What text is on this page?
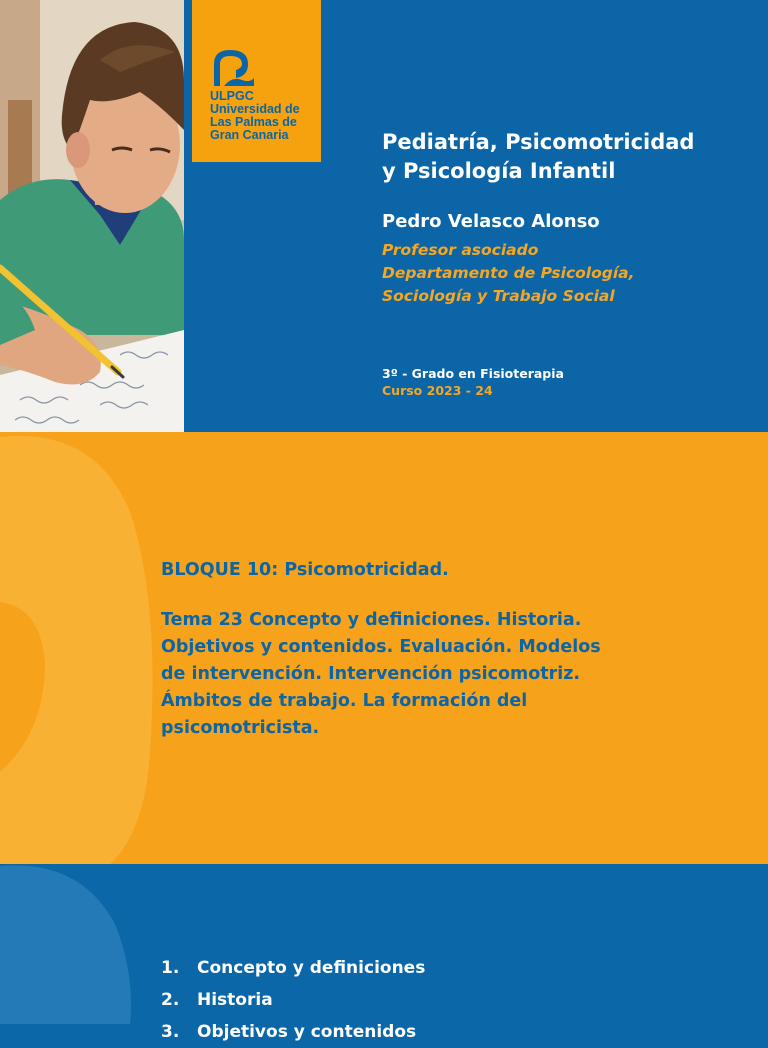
ULPGC
Universidad de
Las Palmas de
Gran Canaria	Pediatría, Psicomotricidad
y Psicología Infantil
Pedro Velasco Alonso
Profesor asociado
Departamento de Psicología,
Sociología y Trabajo Social
3º - Grado en Fisioterapia
Curso 2023 - 24
BLOQUE 10: Psicomotricidad.
Tema 23 Concepto y definiciones. Historia.
Objetivos y contenidos. Evaluación. Modelos
de intervención. Intervención psicomotriz.
Ámbitos de trabajo. La formación del
psicomotricista.
1.	Concepto y definiciones
2.	Historia
3.	Objetivos y contenidos
